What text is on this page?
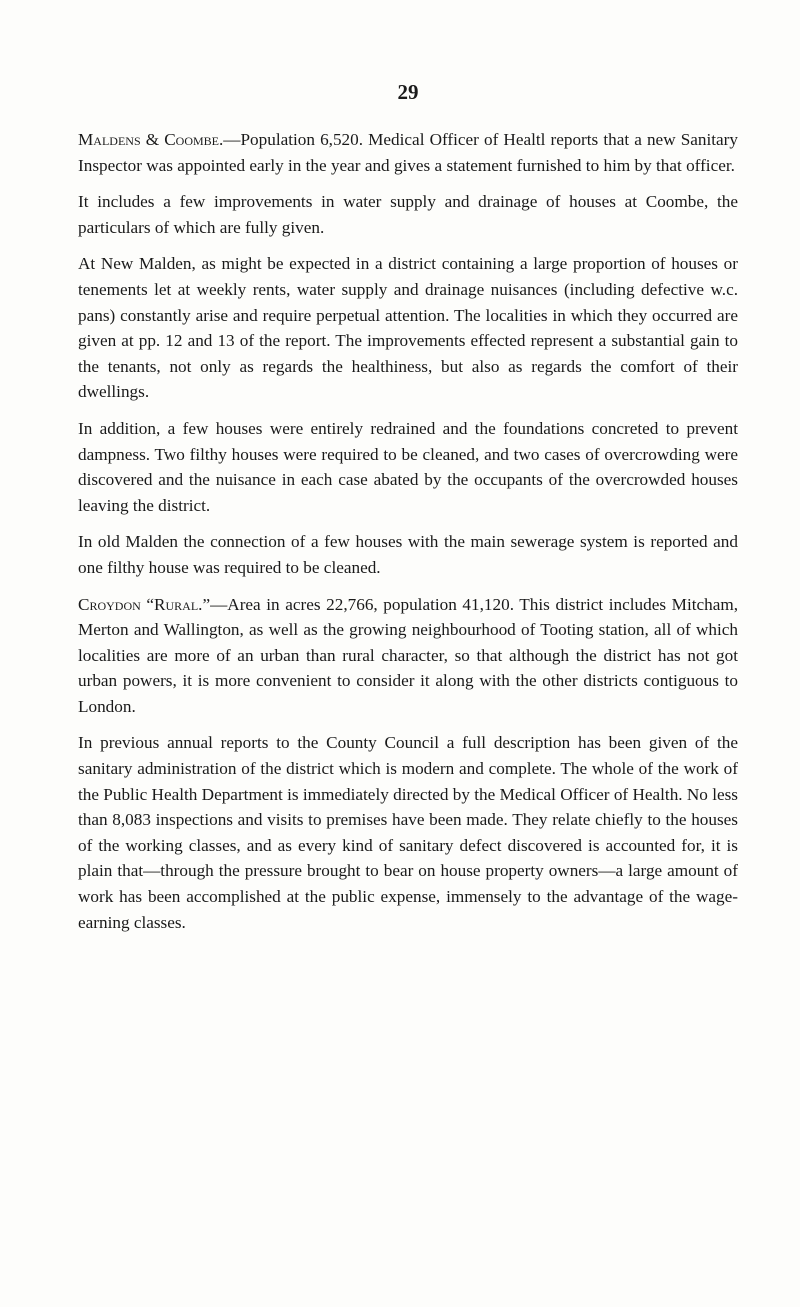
29

Maldens & Coombe.—Population 6,520. Medical Officer of Healtl reports that a new Sanitary Inspector was appointed early in the year and gives a statement furnished to him by that officer.

It includes a few improvements in water supply and drainage of houses at Coombe, the particulars of which are fully given.

At New Malden, as might be expected in a district containing a large proportion of houses or tenements let at weekly rents, water supply and drainage nuisances (including defective w.c. pans) constantly arise and require perpetual attention. The localities in which they occurred are given at pp. 12 and 13 of the report. The improvements effected represent a substantial gain to the tenants, not only as regards the healthiness, but also as regards the comfort of their dwellings.

In addition, a few houses were entirely redrained and the foundations concreted to prevent dampness. Two filthy houses were required to be cleaned, and two cases of overcrowding were discovered and the nuisance in each case abated by the occupants of the overcrowded houses leaving the district.

In old Malden the connection of a few houses with the main sewerage system is reported and one filthy house was required to be cleaned.

Croydon “Rural.”—Area in acres 22,766, population 41,120. This district includes Mitcham, Merton and Wallington, as well as the growing neighbourhood of Tooting station, all of which localities are more of an urban than rural character, so that although the district has not got urban powers, it is more convenient to consider it along with the other districts contiguous to London.

In previous annual reports to the County Council a full description has been given of the sanitary administration of the district which is modern and complete. The whole of the work of the Public Health Department is immediately directed by the Medical Officer of Health. No less than 8,083 inspections and visits to premises have been made. They relate chiefly to the houses of the working classes, and as every kind of sanitary defect discovered is accounted for, it is plain that—through the pressure brought to bear on house property owners—a large amount of work has been accomplished at the public expense, immensely to the advantage of the wage-earning classes.
